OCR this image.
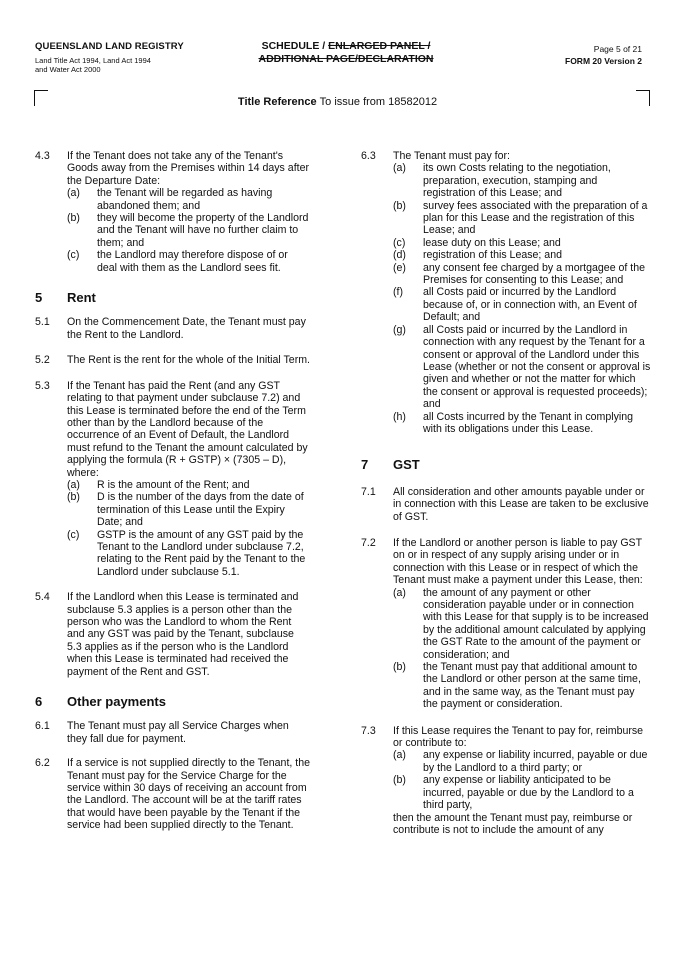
QUEENSLAND LAND REGISTRY
Land Title Act 1994, Land Act 1994
and Water Act 2000
SCHEDULE / ENLARGED PANEL /
ADDITIONAL PAGE/DECLARATION
Page 5 of 21
FORM 20 Version 2
Title Reference To issue from 18582012
4.3	If the Tenant does not take any of the Tenant's Goods away from the Premises within 14 days after the Departure Date:
(a)	the Tenant will be regarded as having abandoned them; and
(b)	they will become the property of the Landlord and the Tenant will have no further claim to them; and
(c)	the Landlord may therefore dispose of or deal with them as the Landlord sees fit.
5	Rent
5.1	On the Commencement Date, the Tenant must pay the Rent to the Landlord.
5.2	The Rent is the rent for the whole of the Initial Term.
5.3	If the Tenant has paid the Rent (and any GST relating to that payment under subclause 7.2) and this Lease is terminated before the end of the Term other than by the Landlord because of the occurrence of an Event of Default, the Landlord must refund to the Tenant the amount calculated by applying the formula (R + GSTP) × (7305 – D), where:
(a)	R is the amount of the Rent; and
(b)	D is the number of the days from the date of termination of this Lease until the Expiry Date; and
(c)	GSTP is the amount of any GST paid by the Tenant to the Landlord under subclause 7.2, relating to the Rent paid by the Tenant to the Landlord under subclause 5.1.
5.4	If the Landlord when this Lease is terminated and subclause 5.3 applies is a person other than the person who was the Landlord to whom the Rent and any GST was paid by the Tenant, subclause 5.3 applies as if the person who is the Landlord when this Lease is terminated had received the payment of the Rent and GST.
6	Other payments
6.1	The Tenant must pay all Service Charges when they fall due for payment.
6.2	If a service is not supplied directly to the Tenant, the Tenant must pay for the Service Charge for the service within 30 days of receiving an account from the Landlord. The account will be at the tariff rates that would have been payable by the Tenant if the service had been supplied directly to the Tenant.
6.3	The Tenant must pay for:
(a)	its own Costs relating to the negotiation, preparation, execution, stamping and registration of this Lease; and
(b)	survey fees associated with the preparation of a plan for this Lease and the registration of this Lease; and
(c)	lease duty on this Lease; and
(d)	registration of this Lease; and
(e)	any consent fee charged by a mortgagee of the Premises for consenting to this Lease; and
(f)	all Costs paid or incurred by the Landlord because of, or in connection with, an Event of Default; and
(g)	all Costs paid or incurred by the Landlord in connection with any request by the Tenant for a consent or approval of the Landlord under this Lease (whether or not the consent or approval is given and whether or not the matter for which the consent or approval is requested proceeds); and
(h)	all Costs incurred by the Tenant in complying with its obligations under this Lease.
7	GST
7.1	All consideration and other amounts payable under or in connection with this Lease are taken to be exclusive of GST.
7.2	If the Landlord or another person is liable to pay GST on or in respect of any supply arising under or in connection with this Lease or in respect of which the Tenant must make a payment under this Lease, then:
(a)	the amount of any payment or other consideration payable under or in connection with this Lease for that supply is to be increased by the additional amount calculated by applying the GST Rate to the amount of the payment or consideration; and
(b)	the Tenant must pay that additional amount to the Landlord or other person at the same time, and in the same way, as the Tenant must pay the payment or consideration.
7.3	If this Lease requires the Tenant to pay for, reimburse or contribute to:
(a)	any expense or liability incurred, payable or due by the Landlord to a third party; or
(b)	any expense or liability anticipated to be incurred, payable or due by the Landlord to a third party,
then the amount the Tenant must pay, reimburse or contribute is not to include the amount of any
